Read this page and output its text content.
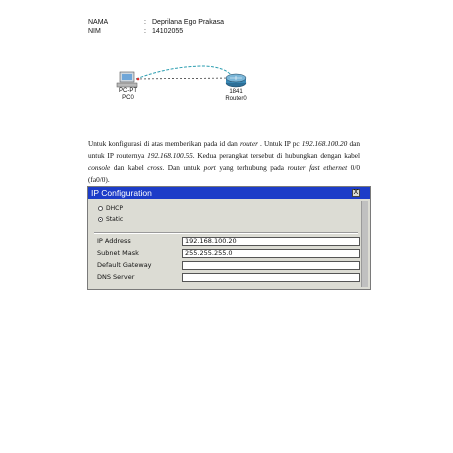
NAMA	: Deprilana Ego Prakasa
NIM	: 14102055
PC-PT
PC0
1841
Router0
Untuk konfigurasi di atas memberikan pada id dan router . Untuk IP pc 192.168.100.20 dan untuk IP routernya 192.168.100.55. Kedua perangkat tersebut di hubungkan dengan kabel console dan kabel cross. Dan untuk port yang terhubung pada router fast ethernet 0/0 (fa0/0).
IP Configuration	X
DHCP
Static
IP Address	192.168.100.20
Subnet Mask	255.255.255.0
Default Gateway
DNS Server
